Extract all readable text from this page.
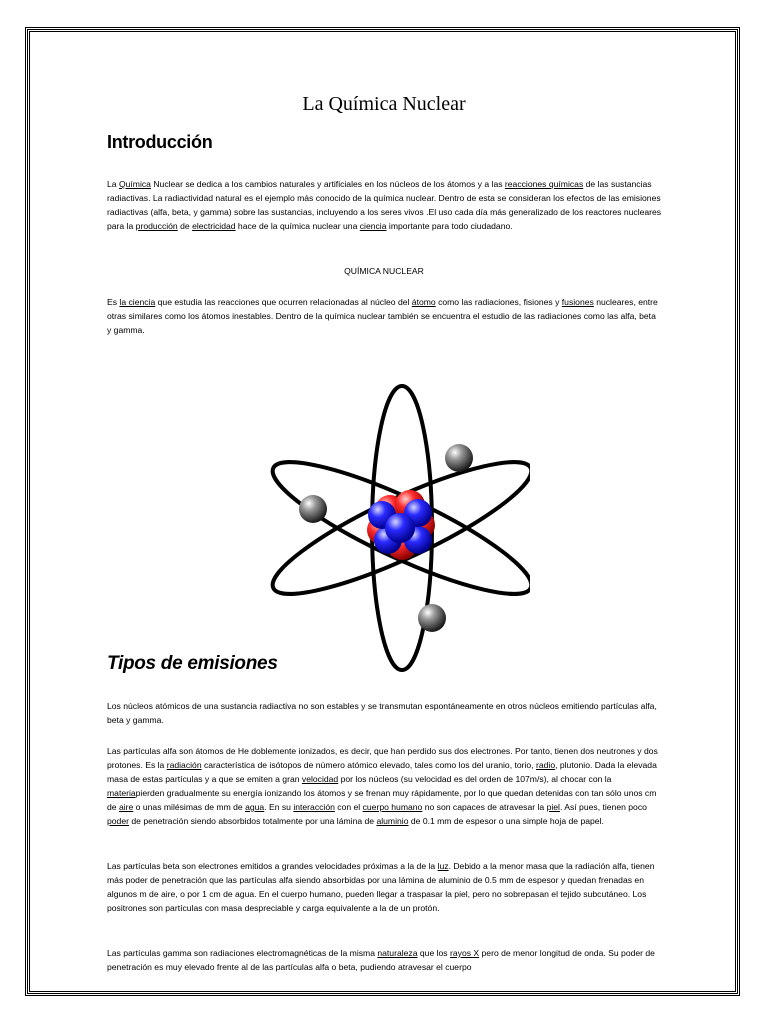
La Química Nuclear
Introducción
La Química Nuclear se dedica a los cambios naturales y artificiales en los núcleos de los átomos y a las reacciones químicas de las sustancias radiactivas. La radiactividad natural es el ejemplo más conocido de la química nuclear. Dentro de esta se consideran los efectos de las emisiones radiactivas (alfa, beta, y gamma) sobre las sustancias, incluyendo a los seres vivos .El uso cada día más generalizado de los reactores nucleares para la producción de electricidad hace de la química nuclear una ciencia importante para todo ciudadano.
QUÍMICA NUCLEAR
Es la ciencia que estudia las reacciones que ocurren relacionadas al núcleo del átomo como las radiaciones, fisiones y fusiones nucleares, entre otras similares como los átomos inestables. Dentro de la química nuclear también se encuentra el estudio de las radiaciones como las alfa, beta y gamma.
Tipos de emisiones
Los núcleos atómicos de una sustancia radiactiva no son estables y se transmutan espontáneamente en otros núcleos emitiendo partículas alfa, beta y gamma.
Las partículas alfa son átomos de He doblemente ionizados, es decir, que han perdido sus dos electrones. Por tanto, tienen dos neutrones y dos protones. Es la radiación característica de isótopos de número atómico elevado, tales como los del uranio, torio, radio, plutonio. Dada la elevada masa de estas partículas y a que se emiten a gran velocidad por los núcleos (su velocidad es del orden de 107m/s), al chocar con la materiapierden gradualmente su energía ionizando los átomos y se frenan muy rápidamente, por lo que quedan detenidas con tan sólo unos cm de aire o unas milésimas de mm de agua. En su interacción con el cuerpo humano no son capaces de atravesar la piel. Así pues, tienen poco poder de penetración siendo absorbidos totalmente por una lámina de aluminio de 0.1 mm de espesor o una simple hoja de papel.
Las partículas beta son electrones emitidos a grandes velocidades próximas a la de la luz. Debido a la menor masa que la radiación alfa, tienen más poder de penetración que las partículas alfa siendo absorbidas por una lámina de aluminio de 0.5 mm de espesor y quedan frenadas en algunos m de aire, o por 1 cm de agua. En el cuerpo humano, pueden llegar a traspasar la piel, pero no sobrepasan el tejido subcutáneo. Los positrones son partículas con masa despreciable y carga equivalente a la de un protón.
Las partículas gamma son radiaciones electromagnéticas de la misma naturaleza que los rayos X pero de menor longitud de onda. Su poder de penetración es muy elevado frente al de las partículas alfa o beta, pudiendo atravesar el cuerpo
